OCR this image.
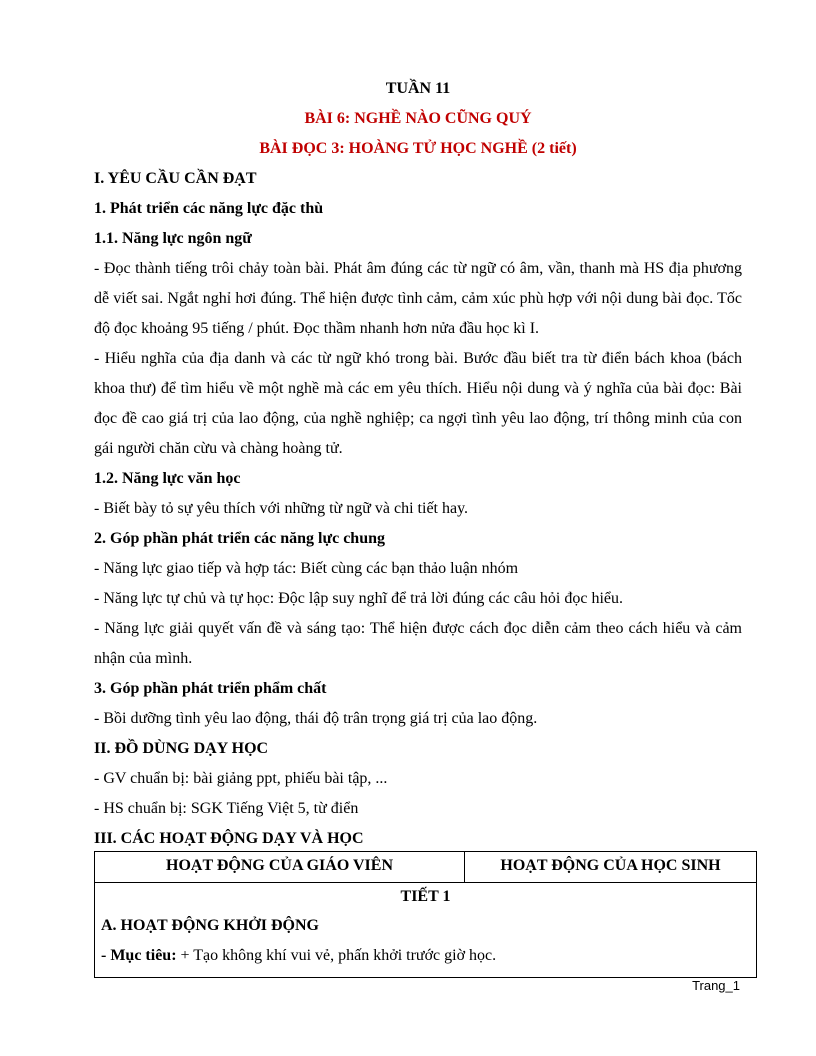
TUẦN 11

BÀI 6: NGHỀ NÀO CŨNG QUÝ

BÀI ĐỌC 3: HOÀNG TỬ HỌC NGHỀ (2 tiết)

I. YÊU CẦU CẦN ĐẠT

1. Phát triển các năng lực đặc thù

1.1. Năng lực ngôn ngữ

- Đọc thành tiếng trôi chảy toàn bài. Phát âm đúng các từ ngữ có âm, vần, thanh mà HS địa phương dễ viết sai. Ngắt nghỉ hơi đúng. Thể hiện được tình cảm, cảm xúc phù hợp với nội dung bài đọc. Tốc độ đọc khoảng 95 tiếng / phút. Đọc thầm nhanh hơn nửa đầu học kì I.

- Hiểu nghĩa của địa danh và các từ ngữ khó trong bài. Bước đầu biết tra từ điển bách khoa (bách khoa thư) để tìm hiểu về một nghề mà các em yêu thích. Hiểu nội dung và ý nghĩa của bài đọc: Bài đọc đề cao giá trị của lao động, của nghề nghiệp; ca ngợi tình yêu lao động, trí thông minh của con gái người chăn cừu và chàng hoàng tử.

1.2. Năng lực văn học

- Biết bày tỏ sự yêu thích với những từ ngữ và chi tiết hay.

2. Góp phần phát triển các năng lực chung

- Năng lực giao tiếp và hợp tác: Biết cùng các bạn thảo luận nhóm

- Năng lực tự chủ và tự học: Độc lập suy nghĩ để trả lời đúng các câu hỏi đọc hiểu.

- Năng lực giải quyết vấn đề và sáng tạo: Thể hiện được cách đọc diễn cảm theo cách hiểu và cảm nhận của mình.

3. Góp phần phát triển phẩm chất

- Bồi dưỡng tình yêu lao động, thái độ trân trọng giá trị của lao động.

II. ĐỒ DÙNG DẠY HỌC

- GV chuẩn bị: bài giảng ppt, phiếu bài tập, ...

- HS chuẩn bị: SGK Tiếng Việt 5, từ điển

III. CÁC HOẠT ĐỘNG DẠY VÀ HỌC

HOẠT ĐỘNG CỦA GIÁO VIÊN	HOẠT ĐỘNG CỦA HỌC SINH

TIẾT 1
A. HOẠT ĐỘNG KHỞI ĐỘNG
- Mục tiêu: + Tạo không khí vui vẻ, phấn khởi trước giờ học.
Trang_1
